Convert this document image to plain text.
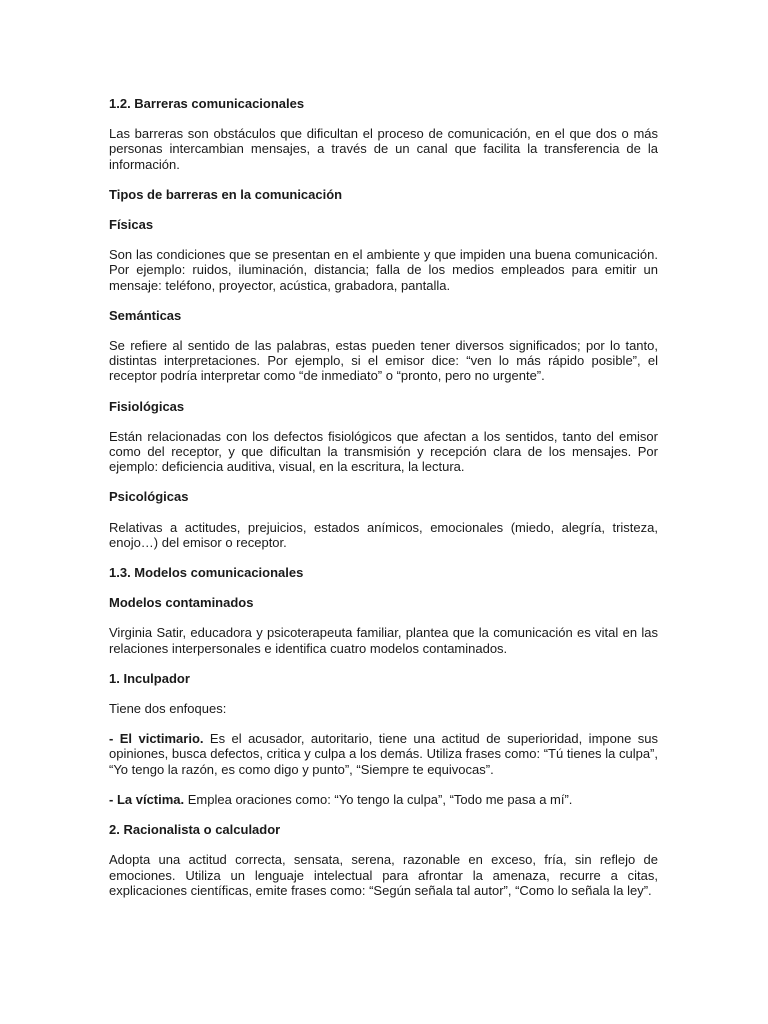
1.2. Barreras comunicacionales

Las barreras son obstáculos que dificultan el proceso de comunicación, en el que dos o más personas intercambian mensajes, a través de un canal que facilita la transferencia de la información.

Tipos de barreras en la comunicación

Físicas

Son las condiciones que se presentan en el ambiente y que impiden una buena comunicación. Por ejemplo: ruidos, iluminación, distancia; falla de los medios empleados para emitir un mensaje: teléfono, proyector, acústica, grabadora, pantalla.

Semánticas

Se refiere al sentido de las palabras, estas pueden tener diversos significados; por lo tanto, distintas interpretaciones. Por ejemplo, si el emisor dice: “ven lo más rápido posible”, el receptor podría interpretar como “de inmediato” o “pronto, pero no urgente”.

Fisiológicas

Están relacionadas con los defectos fisiológicos que afectan a los sentidos, tanto del emisor como del receptor, y que dificultan la transmisión y recepción clara de los mensajes. Por ejemplo: deficiencia auditiva, visual, en la escritura, la lectura.

Psicológicas

Relativas a actitudes, prejuicios, estados anímicos, emocionales (miedo, alegría, tristeza, enojo…) del emisor o receptor.

1.3. Modelos comunicacionales

Modelos contaminados

Virginia Satir, educadora y psicoterapeuta familiar, plantea que la comunicación es vital en las relaciones interpersonales e identifica cuatro modelos contaminados.

1. Inculpador

Tiene dos enfoques:

- El victimario. Es el acusador, autoritario, tiene una actitud de superioridad, impone sus opiniones, busca defectos, critica y culpa a los demás. Utiliza frases como: “Tú tienes la culpa”, “Yo tengo la razón, es como digo y punto”, “Siempre te equivocas”.

- La víctima. Emplea oraciones como: “Yo tengo la culpa”, “Todo me pasa a mí”.

2. Racionalista o calculador

Adopta una actitud correcta, sensata, serena, razonable en exceso, fría, sin reflejo de emociones. Utiliza un lenguaje intelectual para afrontar la amenaza, recurre a citas, explicaciones científicas, emite frases como: “Según señala tal autor”, “Como lo señala la ley”.
